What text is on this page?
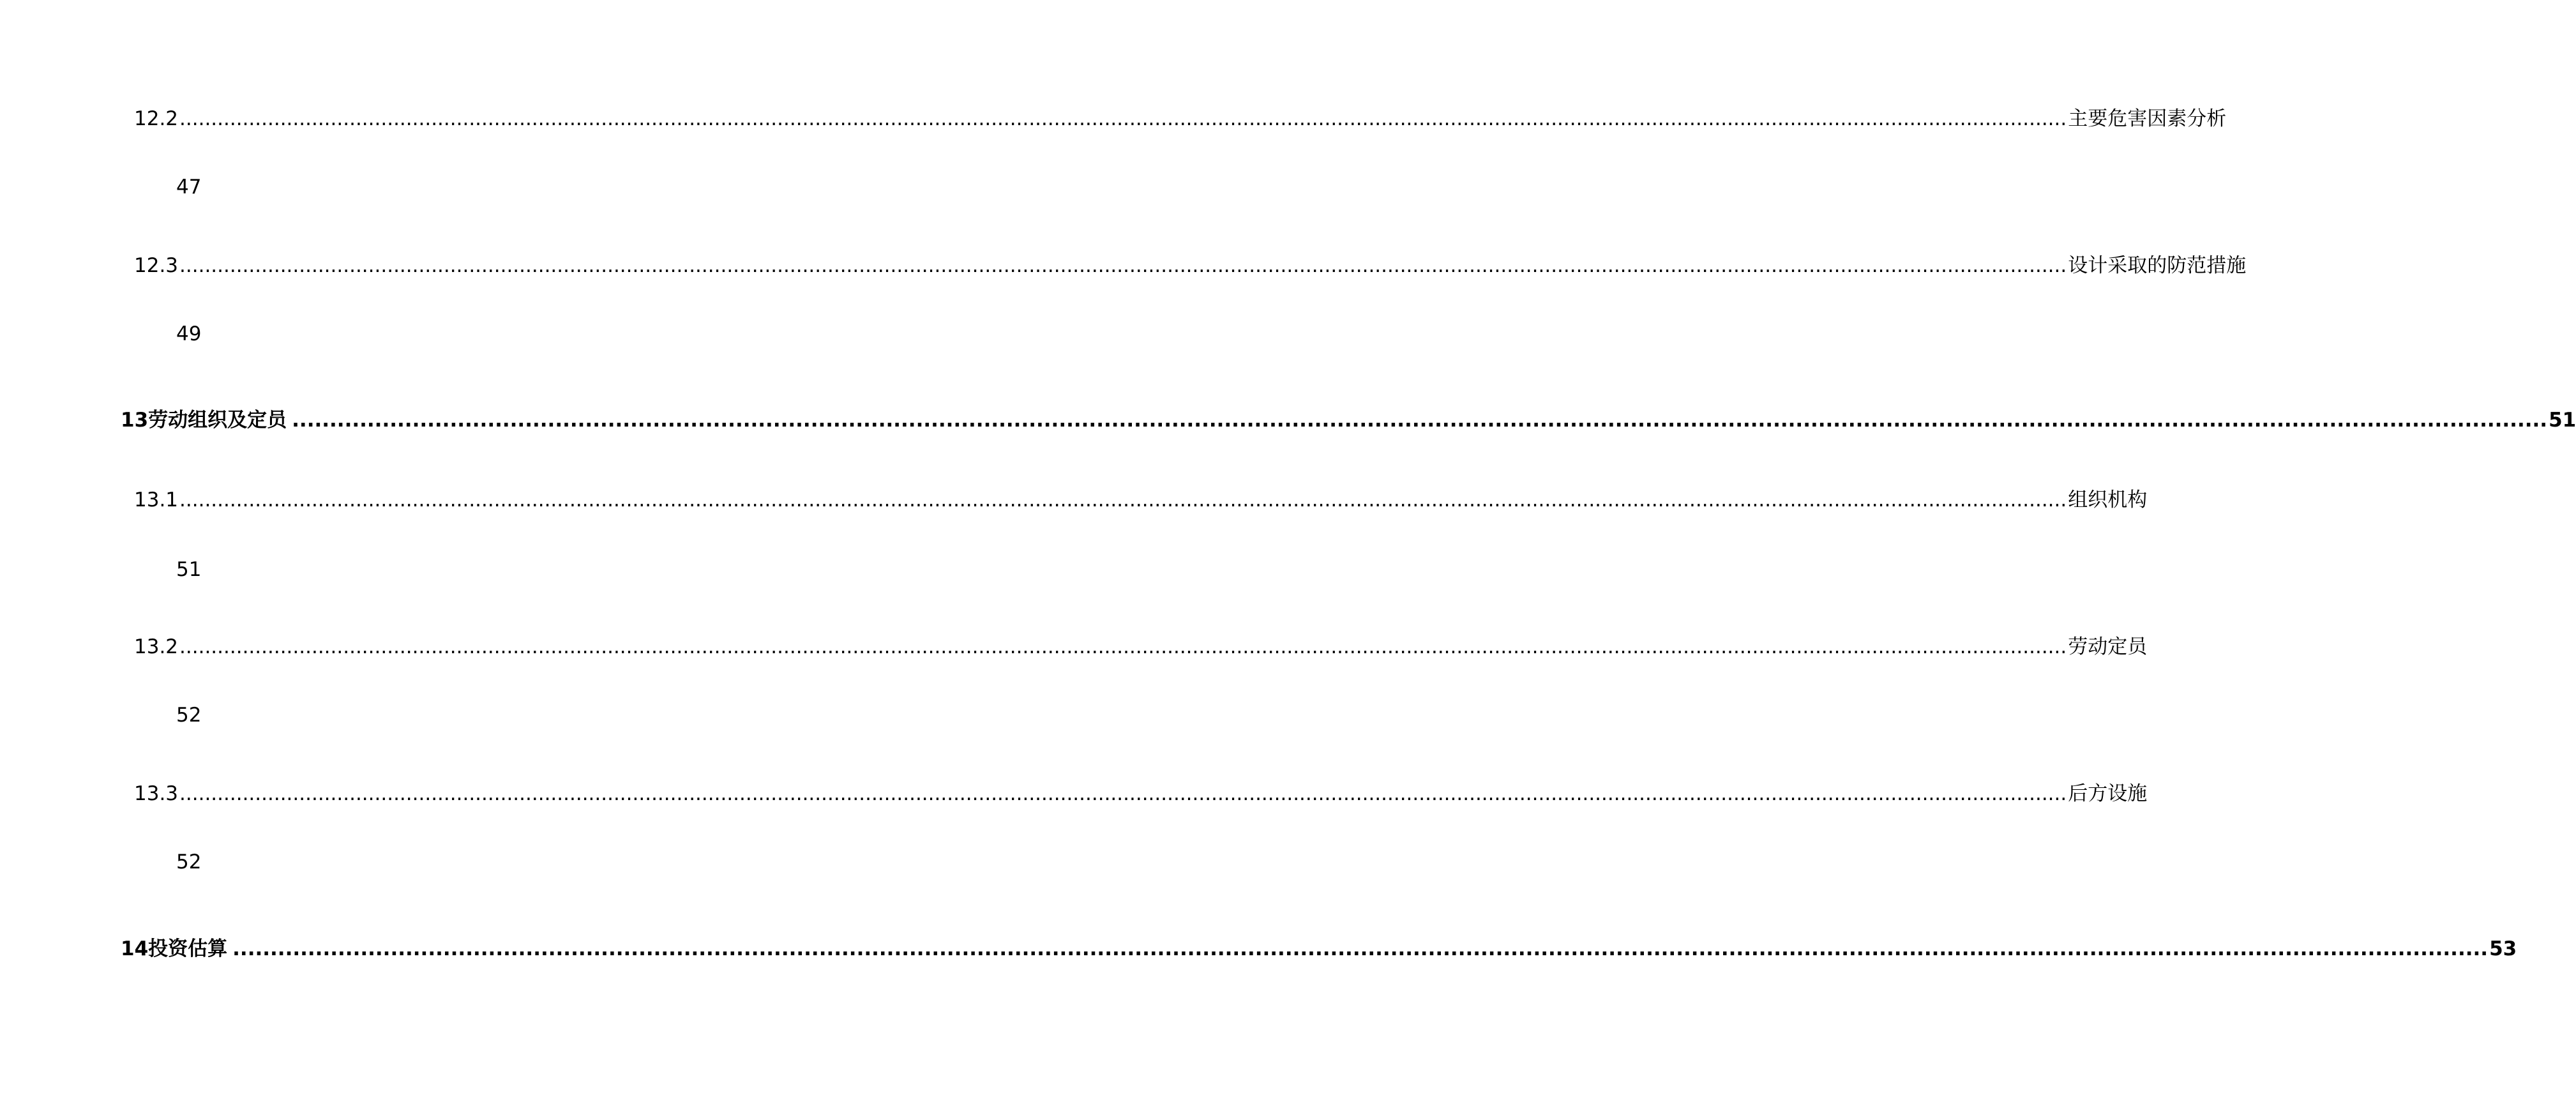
12.2 ............................................................................................................................................................................................................................................................................................................ 主要危害因素分析
47
12.3 ............................................................................................................................................................................................................................................................................................................ 设计采取的防范措施
49
13 劳动组织及定员 ............................................................................................................................................................................................................................................................................................................ 51
13.1 ............................................................................................................................................................................................................................................................................................................ 组织机构
51
13.2 ............................................................................................................................................................................................................................................................................................................ 劳动定员
52
13.3 ............................................................................................................................................................................................................................................................................................................ 后方设施
52
14 投资估算 ............................................................................................................................................................................................................................................................................................................ 53
